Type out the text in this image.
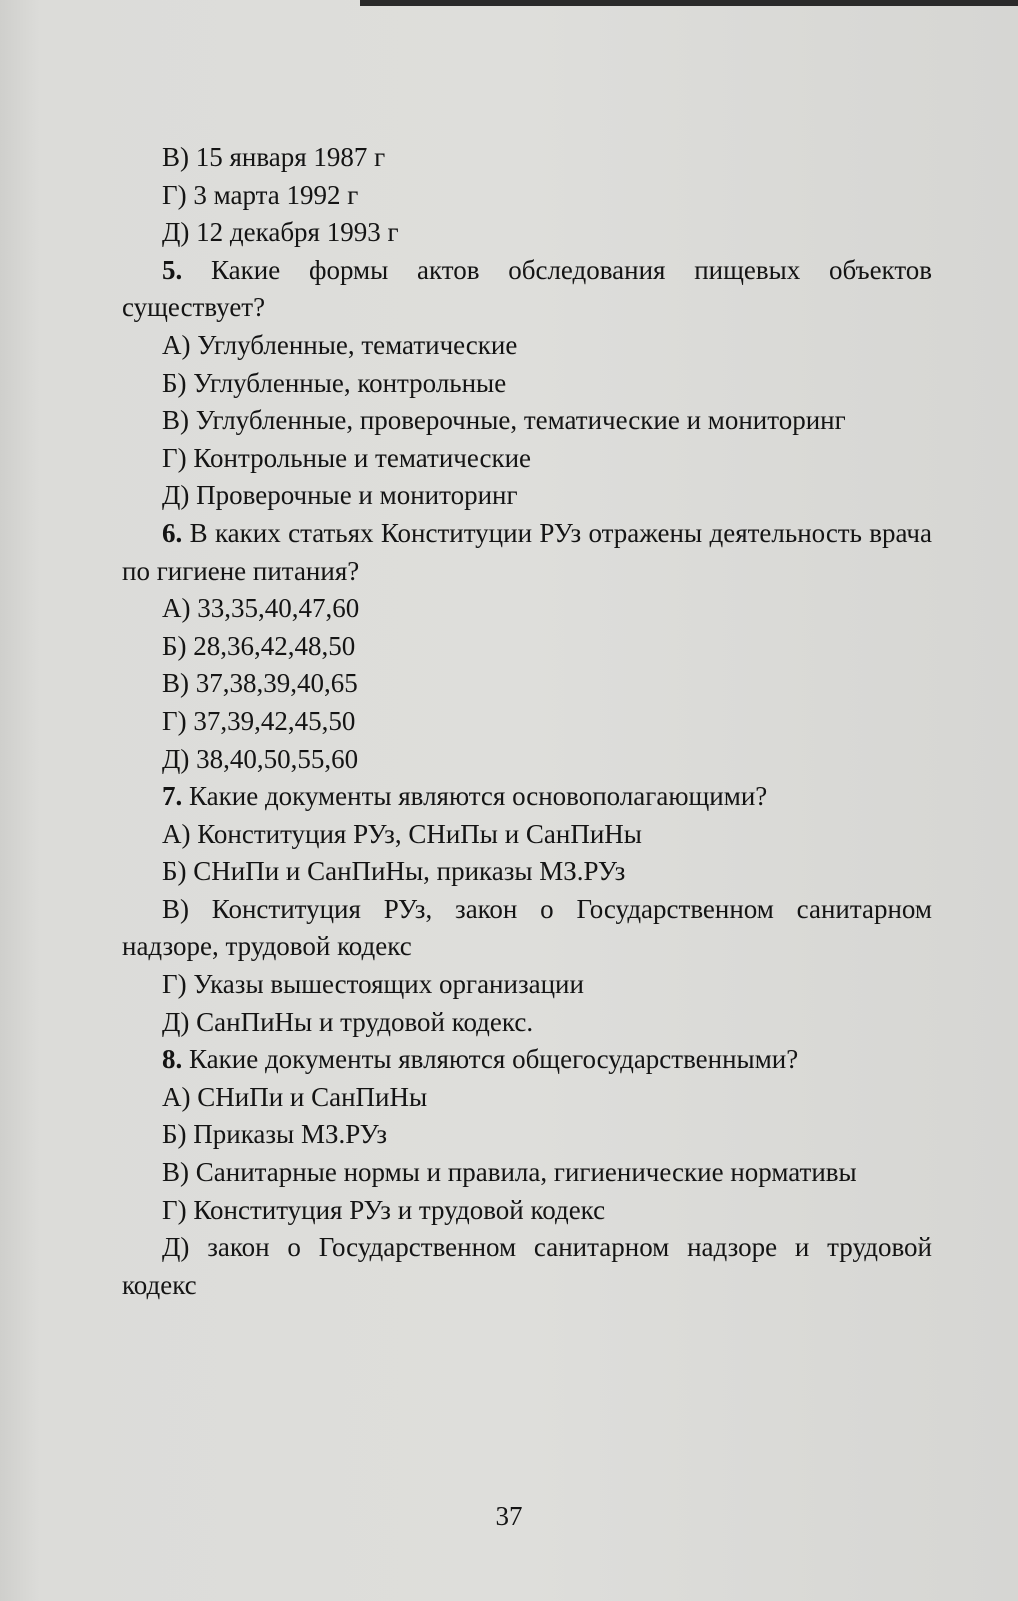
В) 15 января 1987 г

Г) 3 марта 1992 г

Д) 12 декабря 1993 г

5. Какие формы актов обследования пищевых объектов существует?

А) Углубленные, тематические

Б) Углубленные, контрольные

В) Углубленные, проверочные, тематические и мониторинг

Г) Контрольные и тематические

Д) Проверочные и мониторинг

6. В каких статьях Конституции РУз отражены деятельность врача по гигиене питания?

А) 33,35,40,47,60

Б) 28,36,42,48,50

В) 37,38,39,40,65

Г) 37,39,42,45,50

Д) 38,40,50,55,60

7. Какие документы являются основополагающими?

А) Конституция РУз, СНиПы и СанПиНы

Б) СНиПи и СанПиНы, приказы МЗ.РУз

В) Конституция РУз, закон о Государственном санитарном надзоре, трудовой кодекс

Г) Указы вышестоящих организации

Д) СанПиНы и трудовой кодекс.

8. Какие документы являются общегосударственными?

А) СНиПи и СанПиНы

Б) Приказы МЗ.РУз

В) Санитарные нормы и правила, гигиенические нормативы

Г) Конституция РУз и трудовой кодекс

Д) закон о Государственном санитарном надзоре и трудовой кодекс

37
